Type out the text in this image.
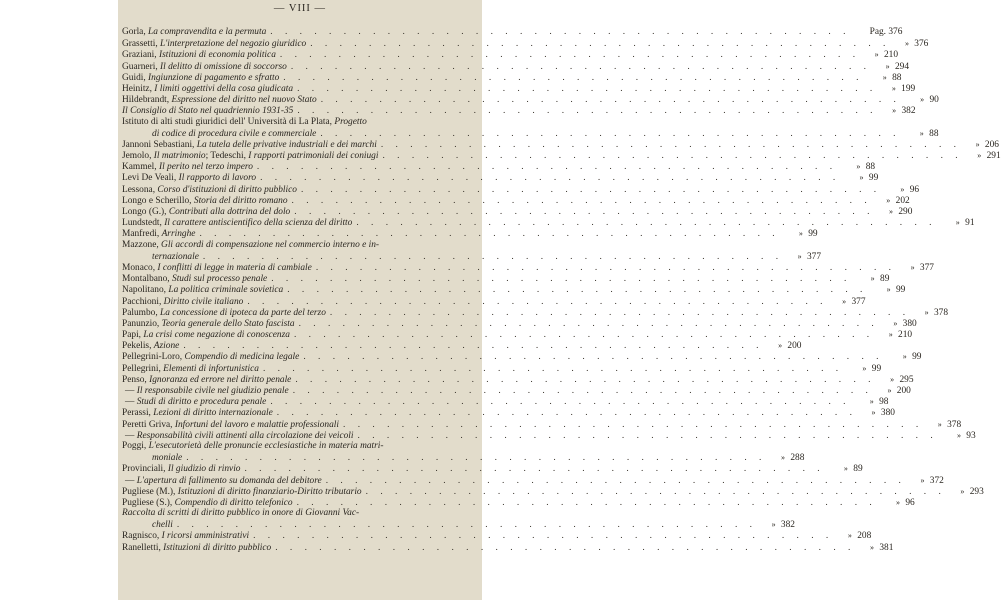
— VIII —
Gorla, La compravendita e la permuta . . .	Pag. 376
Grassetti, L'interpretazione del negozio giuridico . . .	» 376
Graziani, Istituzioni di economia politica . . .	» 210
Guarneri, Il delitto di omissione di soccorso . . .	» 294
Guidi, Ingiunzione di pagamento e sfratto . . .	» 88
Heinitz, I limiti oggettivi della cosa giudicata . . .	» 199
Hildebrandt, Espressione del diritto nel nuovo Stato . . .	» 90
Il Consiglio di Stato nel quadriennio 1931-35 . . .	» 382
Istituto di alti studi giuridici dell' Università di La Plata, Progetto
di codice di procedura civile e commerciale . . .	» 88
Jannoni Sebastiani, La tutela delle privative industriali e dei marchi . . .	» 206
Jemolo, Il matrimonio; Tedeschi, I rapporti patrimoniali dei coniugi . . .	» 291
Kammel, Il perito nel terzo impero . . .	» 88
Levi De Veali, Il rapporto di lavoro . . .	» 99
Lessona, Corso d'istituzioni di diritto pubblico . . .	» 96
Longo e Scherillo, Storia del diritto romano . . .	» 202
Longo (G.), Contributi alla dottrina del dolo . . .	» 290
Lundstedt, Il carattere antiscientifico della scienza del diritto . . .	» 91
Manfredi, Arringhe . . .	» 99
Mazzone, Gli accordi di compensazione nel commercio interno e in-
ternazionale . . .	» 377
Monaco, I conflitti di legge in materia di cambiale . . .	» 377
Montalbano, Studi sul processo penale . . .	» 89
Napolitano, La politica criminale sovietica . . .	» 99
Pacchioni, Diritto civile italiano . . .	» 377
Palumbo, La concessione di ipoteca da parte del terzo . . .	» 378
Panunzio, Teoria generale dello Stato fascista . . .	» 380
Papi, La crisi come negazione di conoscenza . . .	» 210
Pekelis, Azione . . .	» 200
Pellegrini-Loro, Compendio di medicina legale . . .	» 99
Pellegrini, Elementi di infortunistica . . .	» 99
Penso, Ignoranza ed errore nel diritto penale . . .	» 295
— Il responsabile civile nel giudizio penale . . .	» 200
— Studi di diritto e procedura penale . . .	» 98
Perassi, Lezioni di diritto internazionale . . .	» 380
Peretti Griva, Infortuni del lavoro e malattie professionali . . .	» 378
— Responsabilità civili attinenti alla circolazione dei veicoli . . .	» 93
Poggi, L'esecutorietà delle pronuncie ecclesiastiche in materia matri-
moniale . . .	» 288
Provinciali, Il giudizio di rinvio . . .	» 89
— L'apertura di fallimento su domanda del debitore . . .	» 372
Pugliese (M.), Istituzioni di diritto finanziario-Diritto tributario . . .	» 293
Pugliese (S.), Compendio di diritto telefonico . . .	» 96
Raccolta di scritti di diritto pubblico in onore di Giovanni Vac-
chelli . . .	» 382
Ragnisco, I ricorsi amministrativi . . .	» 208
Ranelletti, Istituzioni di diritto pubblico . . .	» 381
